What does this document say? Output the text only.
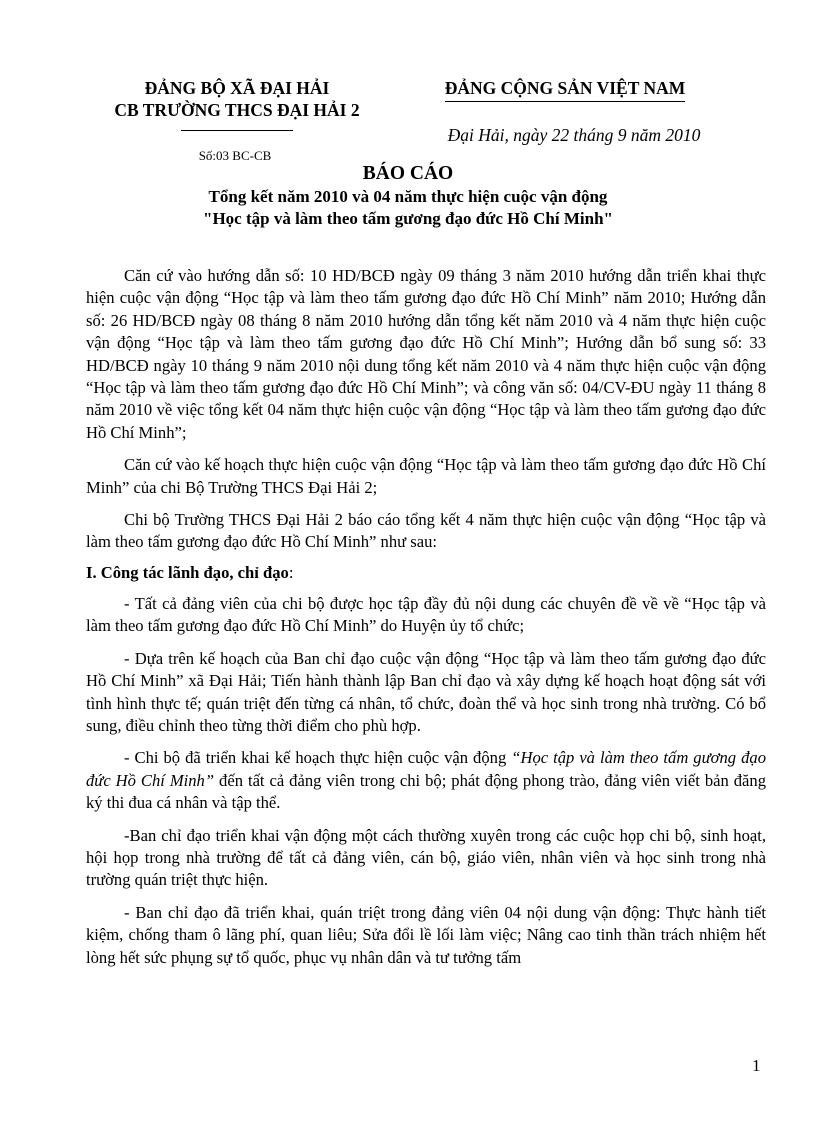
ĐẢNG BỘ XÃ ĐẠI HẢI
CB TRƯỜNG THCS ĐẠI HẢI 2
Số:03 BC-CB
ĐẢNG CỘNG SẢN VIỆT NAM
Đại Hải, ngày 22 tháng 9 năm 2010
BÁO CÁO
Tổng kết năm 2010 và 04 năm thực hiện cuộc vận động
"Học tập và làm theo tấm gương đạo đức Hồ Chí Minh"

Căn cứ vào hướng dẫn số: 10 HD/BCĐ ngày 09 tháng 3 năm 2010 hướng dẫn triển khai thực hiện cuộc vận động “Học tập và làm theo tấm gương đạo đức Hồ Chí Minh” năm 2010; Hướng dẫn số: 26 HD/BCĐ ngày 08 tháng 8 năm 2010 hướng dẫn tổng kết năm 2010 và 4 năm thực hiện cuộc vận động “Học tập và làm theo tấm gương đạo đức Hồ Chí Minh”; Hướng dẫn bổ sung số: 33 HD/BCĐ ngày 10 tháng 9 năm 2010 nội dung tổng kết năm 2010 và 4 năm thực hiện cuộc vận động “Học tập và làm theo tấm gương đạo đức Hồ Chí Minh”; và công văn số: 04/CV-ĐU ngày 11 tháng 8 năm 2010 về việc tổng kết 04 năm thực hiện cuộc vận động “Học tập và làm theo tấm gương đạo đức Hồ Chí Minh”;

Căn cứ vào kế hoạch thực hiện cuộc vận động “Học tập và làm theo tấm gương đạo đức Hồ Chí Minh” của chi Bộ Trường THCS Đại Hải 2;

Chi bộ Trường THCS Đại Hải 2 báo cáo tổng kết 4 năm thực hiện cuộc vận động “Học tập và làm theo tấm gương đạo đức Hồ Chí Minh” như sau:

I. Công tác lãnh đạo, chỉ đạo:

- Tất cả đảng viên của chi bộ được học tập đầy đủ nội dung các chuyên đề về về “Học tập và làm theo tấm gương đạo đức Hồ Chí Minh” do Huyện ủy tổ chức;

- Dựa trên kế hoạch của Ban chỉ đạo cuộc vận động “Học tập và làm theo tấm gương đạo đức Hồ Chí Minh” xã Đại Hải; Tiến hành thành lập Ban chỉ đạo và xây dựng kế hoạch hoạt động sát với tình hình thực tế; quán triệt đến từng cá nhân, tổ chức, đoàn thể và học sinh trong nhà trường. Có bổ sung, điều chỉnh theo từng thời điểm cho phù hợp.

- Chi bộ đã triển khai kế hoạch thực hiện cuộc vận động “Học tập và làm theo tấm gương đạo đức Hồ Chí Minh” đến tất cả đảng viên trong chi bộ; phát động phong trào, đảng viên viết bản đăng ký thi đua cá nhân và tập thể.

-Ban chỉ đạo triển khai vận động một cách thường xuyên trong các cuộc họp chi bộ, sinh hoạt, hội họp trong nhà trường để tất cả đảng viên, cán bộ, giáo viên, nhân viên và học sinh trong nhà trường quán triệt thực hiện.

- Ban chỉ đạo đã triển khai, quán triệt trong đảng viên 04 nội dung vận động: Thực hành tiết kiệm, chống tham ô lãng phí, quan liêu; Sửa đổi lề lối làm việc; Nâng cao tinh thần trách nhiệm hết lòng hết sức phụng sự tổ quốc, phục vụ nhân dân và tư tưởng tấm

1
